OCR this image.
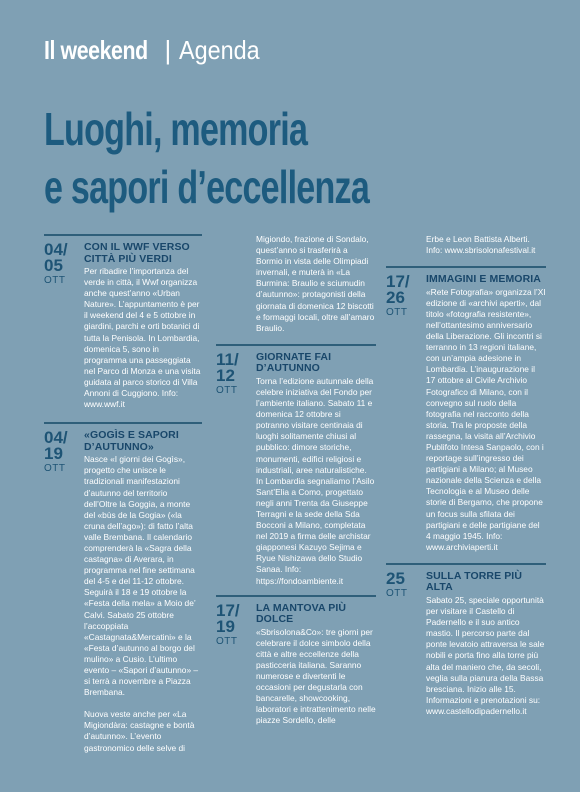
Il weekend | Agenda
Luoghi, memoria
e sapori d’eccellenza
04/
05
OTT
CON IL WWF VERSO CITTÀ PIÙ VERDI
Per ribadire l’importanza del verde in città, il Wwf organizza anche quest’anno «Urban Nature». L’appuntamento è per il weekend del 4 e 5 ottobre in giardini, parchi e orti botanici di tutta la Penisola. In Lombardia, domenica 5, sono in programma una passeggiata nel Parco di Monza e una visita guidata al parco storico di Villa Annoni di Cuggiono. Info: www.wwf.it
04/
19
OTT
«GOGÌS E SAPORI D’AUTUNNO»
Nasce «I giorni dei Gogìs», progetto che unisce le tradizionali manifestazioni d’autunno del territorio dell’Oltre la Goggia, a monte del «bùs de la Gogia» («la cruna dell’ago»): di fatto l’alta valle Brembana. Il calendario comprenderà la «Sagra della castagna» di Averara, in programma nel fine settimana del 4-5 e del 11-12 ottobre. Seguirà il 18 e 19 ottobre la «Festa della mela» a Moio de’ Calvi. Sabato 25 ottobre l’accoppiata «Castagnata&Mercatini» e la «Festa d’autunno al borgo del mulino» a Cusio. L’ultimo evento – «Sapori d’autunno» – si terrà a novembre a Piazza Brembana.
Nuova veste anche per «La Migiondàra: castagne e bontà d’autunno». L’evento gastronomico delle selve di
Migiondo, frazione di Sondalo, quest’anno si trasferirà a Bormio in vista delle Olimpiadi invernali, e muterà in «La Burmina: Braulio e sciumudin d’autunno»: protagonisti della giornata di domenica 12 biscotti e formaggi locali, oltre all’amaro Braulio.
11/
12
OTT
GIORNATE FAI D’AUTUNNO
Torna l’edizione autunnale della celebre iniziativa del Fondo per l’ambiente italiano. Sabato 11 e domenica 12 ottobre si potranno visitare centinaia di luoghi solitamente chiusi al pubblico: dimore storiche, monumenti, edifici religiosi e industriali, aree naturalistiche. In Lombardia segnaliamo l’Asilo Sant’Elia a Como, progettato negli anni Trenta da Giuseppe Terragni e la sede della Sda Bocconi a Milano, completata nel 2019 a firma delle archistar giapponesi Kazuyo Sejima e Ryue Nishizawa dello Studio Sanaa. Info: https://fondoambiente.it
17/
19
OTT
LA MANTOVA PIÙ DOLCE
«Sbrisolona&Co»: tre giorni per celebrare il dolce simbolo della città e altre eccellenze della pasticceria italiana. Saranno numerose e divertenti le occasioni per degustarla con bancarelle, showcooking, laboratori e intrattenimento nelle piazze Sordello, delle
Erbe e Leon Battista Alberti. Info: www.sbrisolonafestival.it
17/
26
OTT
IMMAGINI E MEMORIA
«Rete Fotografia» organizza l’XI edizione di «archivi aperti», dal titolo «fotografia resistente», nell’ottantesimo anniversario della Liberazione. Gli incontri si terranno in 13 regioni italiane, con un’ampia adesione in Lombardia. L’inaugurazione il 17 ottobre al Civile Archivio Fotografico di Milano, con il convegno sul ruolo della fotografia nel racconto della storia. Tra le proposte della rassegna, la visita all’Archivio Publifoto Intesa Sanpaolo, con i reportage sull’ingresso dei partigiani a Milano; al Museo nazionale della Scienza e della Tecnologia e al Museo delle storie di Bergamo, che propone un focus sulla sfilata dei partigiani e delle partigiane del 4 maggio 1945. Info: www.archiviaperti.it
25
OTT
SULLA TORRE PIÙ ALTA
Sabato 25, speciale opportunità per visitare il Castello di Padernello e il suo antico mastio. Il percorso parte dal ponte levatoio attraversa le sale nobili e porta fino alla torre più alta del maniero che, da secoli, veglia sulla pianura della Bassa bresciana. Inizio alle 15. Informazioni e prenotazioni su: www.castellodipadernello.it
